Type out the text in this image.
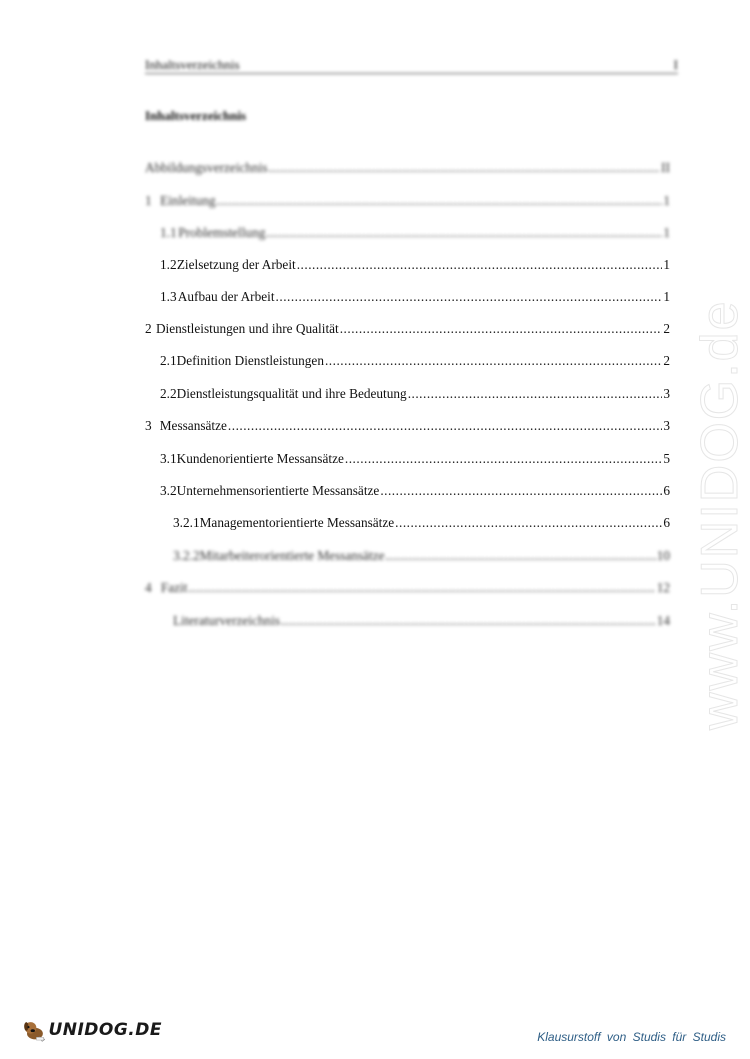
Inhaltsverzeichnis	I
Inhaltsverzeichnis
Abbildungsverzeichnis .....	II
1 Einleitung .....	1
1.1 Problemstellung .....	1
1.2 Zielsetzung der Arbeit .....	1
1.3 Aufbau der Arbeit .....	1
2 Dienstleistungen und ihre Qualität .....	2
2.1 Definition Dienstleistungen .....	2
2.2 Dienstleistungsqualität und ihre Bedeutung .....	3
3 Messansätze .....	3
3.1 Kundenorientierte Messansätze .....	5
3.2 Unternehmensorientierte Messansätze .....	6
3.2.1 Managementorientierte Messansätze .....	6
3.2.2 Mitarbeiterorientierte Messansätze .....	10
4 Fazit .....	12
Literaturverzeichnis .....	14 www.UNIDOG.de
UNIDOG.DE	Klausurstoff von Studis für Studis
